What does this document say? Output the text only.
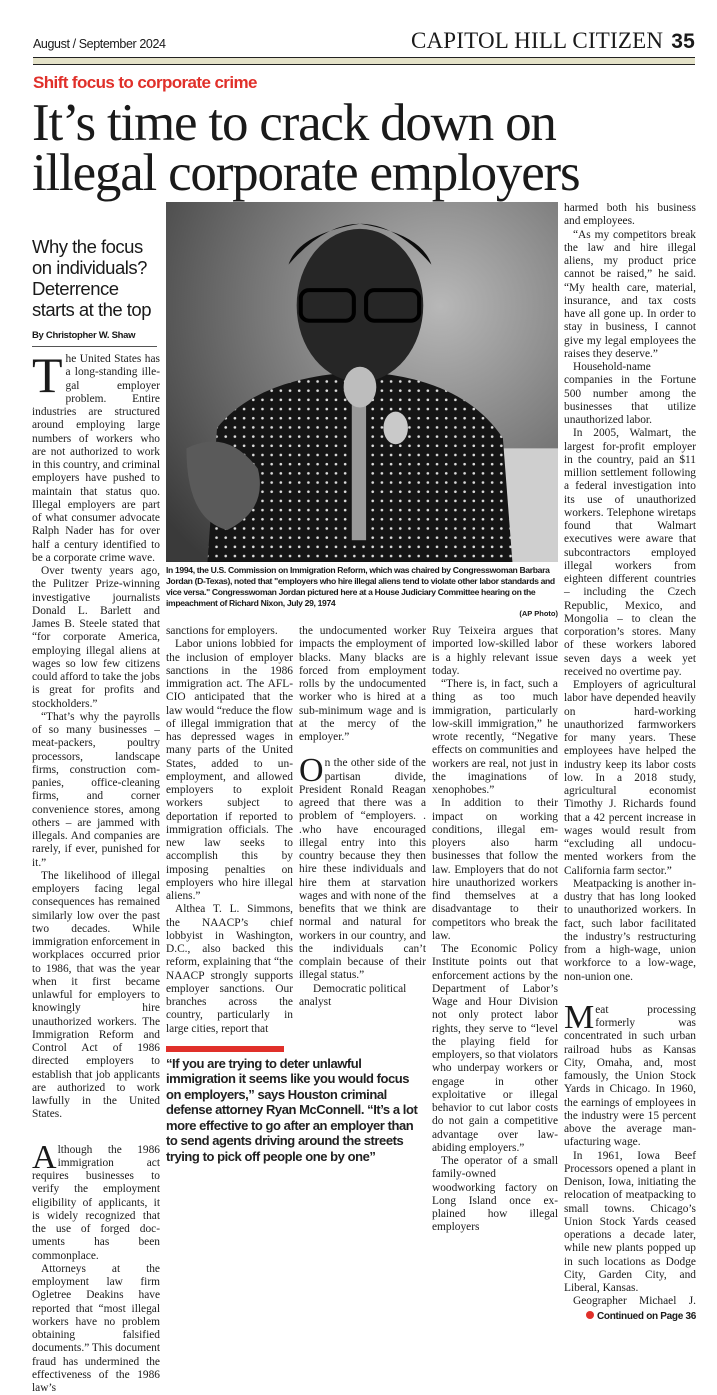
August / September 2024	CAPITOL HILL CITIZEN 35
Shift focus to corporate crime
It’s time to crack down on
illegal corporate employers
Why the focus on individuals? Deterrence starts at the top
By Christopher W. Shaw

The United States has a long-standing illegal employer problem. Entire industries are structured around employing large numbers of workers who are not authorized to work in this country, and criminal employers have pushed to maintain that status quo. Illegal employers are part of what consumer advocate Ralph Nader has for over half a century identified to be a corporate crime wave.

Over twenty years ago, the Pulitzer Prize-winning investigative journalists Donald L. Barlett and James B. Steele stated that “for corporate America, employing illegal aliens at wages so low few citizens could afford to take the jobs is great for profits and stockholders.”

“That’s why the payrolls of so many businesses – meat-packers, poultry processors, landscape firms, construction companies, office-cleaning firms, and corner convenience stores, among others – are jammed with illegals. And companies are rarely, if ever, punished for it.”

The likelihood of illegal employers facing legal consequences has remained similarly low over the past two decades. While immigration enforcement in workplaces occurred prior to 1986, that was the year when it first became unlawful for employers to knowingly hire unauthorized workers. The Immigration Reform and Control Act of 1986 directed employers to establish that job applicants are authorized to work lawfully in the United States.

Although the 1986 immigration act requires businesses to verify the employment eligibility of applicants, it is widely recognized that the use of forged documents has been commonplace.

Attorneys at the employment law firm Ogletree Deakins have reported that “most illegal workers have no problem obtaining falsified documents.” This document fraud has undermined the effectiveness of the 1986 law’s

In 1994, the U.S. Commission on Immigration Reform, which was chaired by Congresswoman Barbara Jordan (D-Texas), noted that "employers who hire illegal aliens tend to violate other labor standards and vice versa." Congresswoman Jordan pictured here at a House Judiciary Committee hearing on the impeachment of Richard Nixon, July 29, 1974
(AP Photo)

sanctions for employers.

Labor unions lobbied for the inclusion of employer sanctions in the 1986 immigration act. The AFL-CIO anticipated that the law would “reduce the flow of illegal immigration that has depressed wages in many parts of the United States, added to unemployment, and allowed employers to exploit workers subject to deportation if reported to immigration officials. The new law seeks to accomplish this by imposing penalties on employers who hire illegal aliens.”

Althea T. L. Simmons, the NAACP’s chief lobbyist in Washington, D.C., also backed this reform, explaining that “the NAACP strongly supports employer sanctions. Our branches across the country, particularly in large cities, report that

the undocumented worker impacts the employment of blacks. Many blacks are forced from employment rolls by the undocumented worker who is hired at a sub-minimum wage and is at the mercy of the employer.”

On the other side of the partisan divide, President Ronald Reagan agreed that there was a problem of “employers. . .who have encouraged illegal entry into this country because they then hire these individuals and hire them at starvation wages and with none of the benefits that we think are normal and natural for workers in our country, and the individuals can’t complain because of their illegal status.”

Democratic political analyst

“If you are trying to deter unlawful immigration it seems like you would focus on employers,” says Houston criminal defense attorney Ryan McConnell. “It’s a lot more effective to go after an employer than to send agents driving around the streets trying to pick off people one by one”

Ruy Teixeira argues that imported low-skilled labor is a highly relevant issue today.

“There is, in fact, such a thing as too much immigration, particularly low-skill immigration,” he wrote recently, “Negative effects on communities and workers are real, not just in the imaginations of xenophobes.”

In addition to their impact on working conditions, illegal employers also harm businesses that follow the law. Employers that do not hire unauthorized workers find themselves at a disadvantage to their competitors who break the law.

The Economic Policy Institute points out that enforcement actions by the Department of Labor’s Wage and Hour Division not only protect labor rights, they serve to “level the playing field for employers, so that violators who underpay workers or engage in other exploitative or illegal behavior to cut labor costs do not gain a competitive advantage over law-abiding employers.”

The operator of a small family-owned woodworking factory on Long Island once explained how illegal employers

harmed both his business and employees.

“As my competitors break the law and hire illegal aliens, my product price cannot be raised,” he said. “My health care, material, insurance, and tax costs have all gone up. In order to stay in business, I cannot give my legal employees the raises they deserve.”

Household-name companies in the Fortune 500 number among the businesses that utilize unauthorized labor.

In 2005, Walmart, the largest for-profit employer in the country, paid an $11 million settlement following a federal investigation into its use of unauthorized workers. Telephone wiretaps found that Walmart executives were aware that subcontractors employed illegal workers from eighteen different countries – including the Czech Republic, Mexico, and Mongolia – to clean the corporation’s stores. Many of these workers labored seven days a week yet received no overtime pay.

Employers of agricultural labor have depended heavily on hard-working unauthorized farmworkers for many years. These employees have helped the industry keep its labor costs low. In a 2018 study, agricultural economist Timothy J. Richards found that a 42 percent increase in wages would result from “excluding all undocumented workers from the California farm sector.”

Meatpacking is another industry that has long looked to unauthorized workers. In fact, such labor facilitated the industry’s restructuring from a high-wage, union workforce to a low-wage, non-union one.

Meat processing formerly was concentrated in such urban railroad hubs as Kansas City, Omaha, and, most famously, the Union Stock Yards in Chicago. In 1960, the earnings of employees in the industry were 15 percent above the average manufacturing wage.

In 1961, Iowa Beef Processors opened a plant in Denison, Iowa, initiating the relocation of meatpacking to small towns. Chicago’s Union Stock Yards ceased operations a decade later, while new plants popped up in such locations as Dodge City, Garden City, and Liberal, Kansas.

Geographer Michael J.

Continued on Page 36
